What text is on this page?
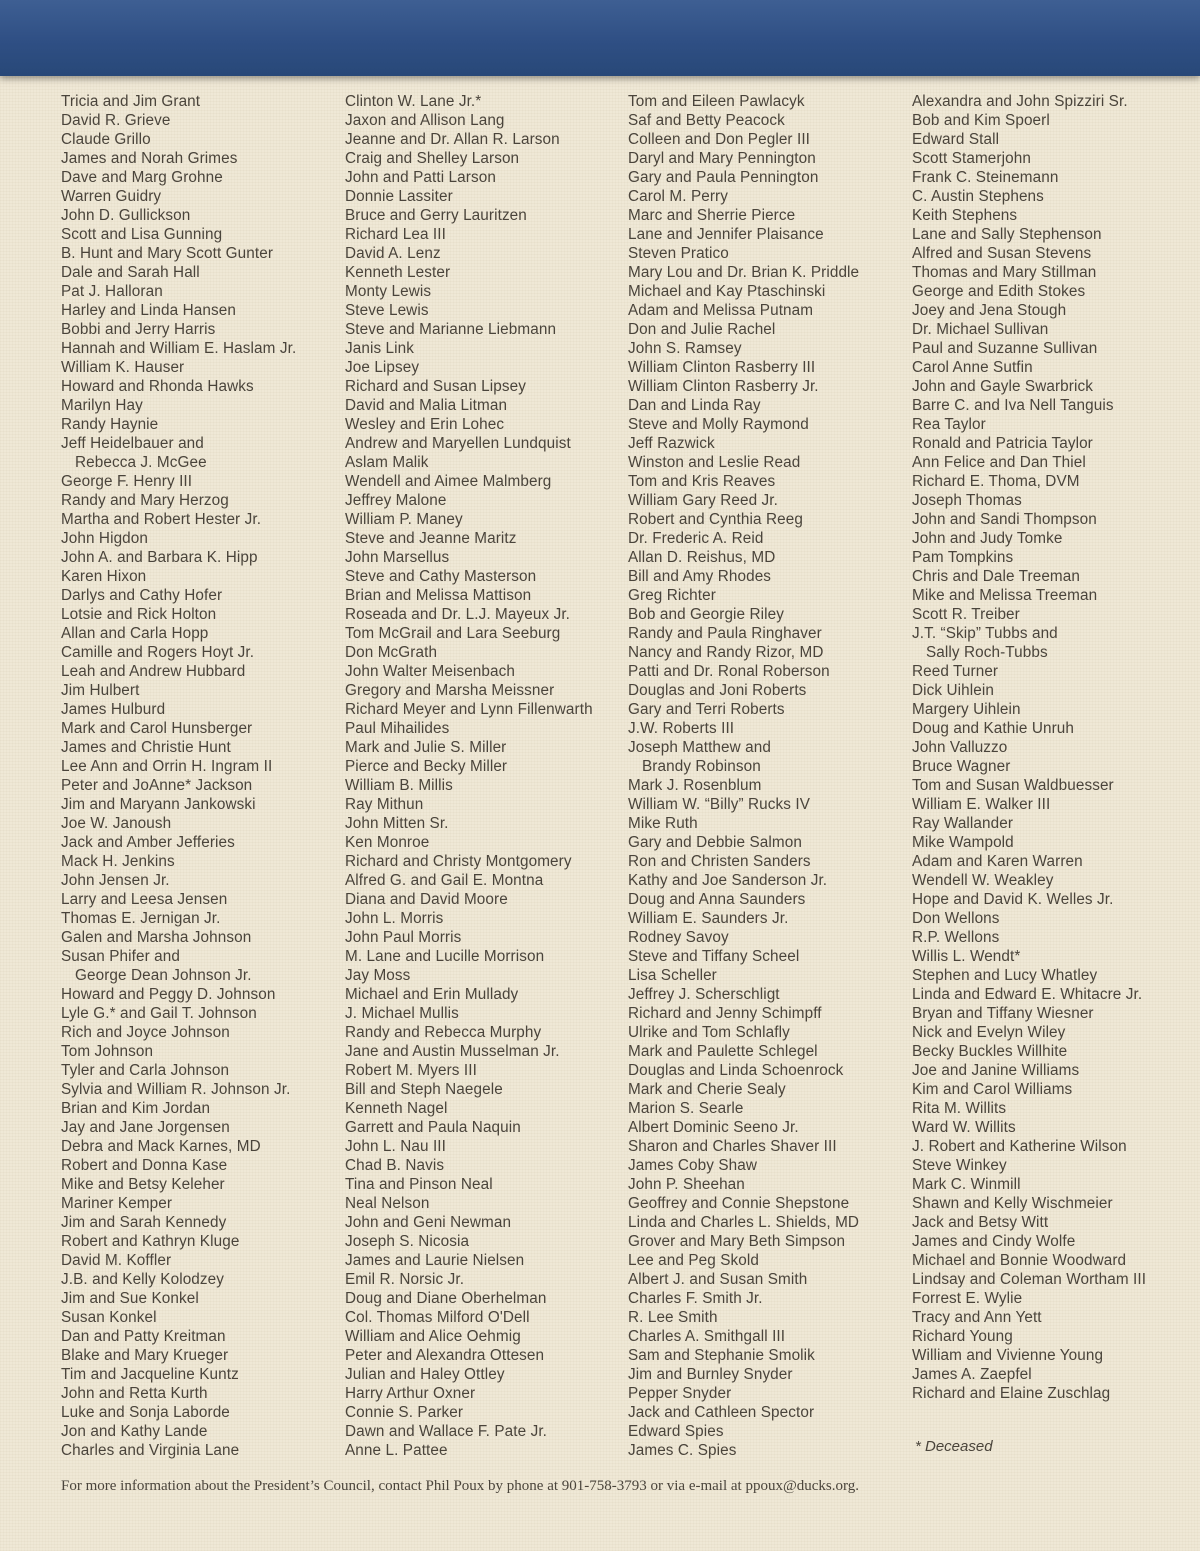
Tricia and Jim Grant
David R. Grieve
Claude Grillo
James and Norah Grimes
Dave and Marg Grohne
Warren Guidry
John D. Gullickson
Scott and Lisa Gunning
B. Hunt and Mary Scott Gunter
Dale and Sarah Hall
Pat J. Halloran
Harley and Linda Hansen
Bobbi and Jerry Harris
Hannah and William E. Haslam Jr.
William K. Hauser
Howard and Rhonda Hawks
Marilyn Hay
Randy Haynie
Jeff Heidelbauer and
Rebecca J. McGee
George F. Henry III
Randy and Mary Herzog
Martha and Robert Hester Jr.
John Higdon
John A. and Barbara K. Hipp
Karen Hixon
Darlys and Cathy Hofer
Lotsie and Rick Holton
Allan and Carla Hopp
Camille and Rogers Hoyt Jr.
Leah and Andrew Hubbard
Jim Hulbert
James Hulburd
Mark and Carol Hunsberger
James and Christie Hunt
Lee Ann and Orrin H. Ingram II
Peter and JoAnne* Jackson
Jim and Maryann Jankowski
Joe W. Janoush
Jack and Amber Jefferies
Mack H. Jenkins
John Jensen Jr.
Larry and Leesa Jensen
Thomas E. Jernigan Jr.
Galen and Marsha Johnson
Susan Phifer and
George Dean Johnson Jr.
Howard and Peggy D. Johnson
Lyle G.* and Gail T. Johnson
Rich and Joyce Johnson
Tom Johnson
Tyler and Carla Johnson
Sylvia and William R. Johnson Jr.
Brian and Kim Jordan
Jay and Jane Jorgensen
Debra and Mack Karnes, MD
Robert and Donna Kase
Mike and Betsy Keleher
Mariner Kemper
Jim and Sarah Kennedy
Robert and Kathryn Kluge
David M. Koffler
J.B. and Kelly Kolodzey
Jim and Sue Konkel
Susan Konkel
Dan and Patty Kreitman
Blake and Mary Krueger
Tim and Jacqueline Kuntz
John and Retta Kurth
Luke and Sonja Laborde
Jon and Kathy Lande
Charles and Virginia Lane
Clinton W. Lane Jr.*
Jaxon and Allison Lang
Jeanne and Dr. Allan R. Larson
Craig and Shelley Larson
John and Patti Larson
Donnie Lassiter
Bruce and Gerry Lauritzen
Richard Lea III
David A. Lenz
Kenneth Lester
Monty Lewis
Steve Lewis
Steve and Marianne Liebmann
Janis Link
Joe Lipsey
Richard and Susan Lipsey
David and Malia Litman
Wesley and Erin Lohec
Andrew and Maryellen Lundquist
Aslam Malik
Wendell and Aimee Malmberg
Jeffrey Malone
William P. Maney
Steve and Jeanne Maritz
John Marsellus
Steve and Cathy Masterson
Brian and Melissa Mattison
Roseada and Dr. L.J. Mayeux Jr.
Tom McGrail and Lara Seeburg
Don McGrath
John Walter Meisenbach
Gregory and Marsha Meissner
Richard Meyer and Lynn Fillenwarth
Paul Mihailides
Mark and Julie S. Miller
Pierce and Becky Miller
William B. Millis
Ray Mithun
John Mitten Sr.
Ken Monroe
Richard and Christy Montgomery
Alfred G. and Gail E. Montna
Diana and David Moore
John L. Morris
John Paul Morris
M. Lane and Lucille Morrison
Jay Moss
Michael and Erin Mullady
J. Michael Mullis
Randy and Rebecca Murphy
Jane and Austin Musselman Jr.
Robert M. Myers III
Bill and Steph Naegele
Kenneth Nagel
Garrett and Paula Naquin
John L. Nau III
Chad B. Navis
Tina and Pinson Neal
Neal Nelson
John and Geni Newman
Joseph S. Nicosia
James and Laurie Nielsen
Emil R. Norsic Jr.
Doug and Diane Oberhelman
Col. Thomas Milford O'Dell
William and Alice Oehmig
Peter and Alexandra Ottesen
Julian and Haley Ottley
Harry Arthur Oxner
Connie S. Parker
Dawn and Wallace F. Pate Jr.
Anne L. Pattee
Tom and Eileen Pawlacyk
Saf and Betty Peacock
Colleen and Don Pegler III
Daryl and Mary Pennington
Gary and Paula Pennington
Carol M. Perry
Marc and Sherrie Pierce
Lane and Jennifer Plaisance
Steven Pratico
Mary Lou and Dr. Brian K. Priddle
Michael and Kay Ptaschinski
Adam and Melissa Putnam
Don and Julie Rachel
John S. Ramsey
William Clinton Rasberry III
William Clinton Rasberry Jr.
Dan and Linda Ray
Steve and Molly Raymond
Jeff Razwick
Winston and Leslie Read
Tom and Kris Reaves
William Gary Reed Jr.
Robert and Cynthia Reeg
Dr. Frederic A. Reid
Allan D. Reishus, MD
Bill and Amy Rhodes
Greg Richter
Bob and Georgie Riley
Randy and Paula Ringhaver
Nancy and Randy Rizor, MD
Patti and Dr. Ronal Roberson
Douglas and Joni Roberts
Gary and Terri Roberts
J.W. Roberts III
Joseph Matthew and
Brandy Robinson
Mark J. Rosenblum
William W. “Billy” Rucks IV
Mike Ruth
Gary and Debbie Salmon
Ron and Christen Sanders
Kathy and Joe Sanderson Jr.
Doug and Anna Saunders
William E. Saunders Jr.
Rodney Savoy
Steve and Tiffany Scheel
Lisa Scheller
Jeffrey J. Scherschligt
Richard and Jenny Schimpff
Ulrike and Tom Schlafly
Mark and Paulette Schlegel
Douglas and Linda Schoenrock
Mark and Cherie Sealy
Marion S. Searle
Albert Dominic Seeno Jr.
Sharon and Charles Shaver III
James Coby Shaw
John P. Sheehan
Geoffrey and Connie Shepstone
Linda and Charles L. Shields, MD
Grover and Mary Beth Simpson
Lee and Peg Skold
Albert J. and Susan Smith
Charles F. Smith Jr.
R. Lee Smith
Charles A. Smithgall III
Sam and Stephanie Smolik
Jim and Burnley Snyder
Pepper Snyder
Jack and Cathleen Spector
Edward Spies
James C. Spies
Alexandra and John Spizziri Sr.
Bob and Kim Spoerl
Edward Stall
Scott Stamerjohn
Frank C. Steinemann
C. Austin Stephens
Keith Stephens
Lane and Sally Stephenson
Alfred and Susan Stevens
Thomas and Mary Stillman
George and Edith Stokes
Joey and Jena Stough
Dr. Michael Sullivan
Paul and Suzanne Sullivan
Carol Anne Sutfin
John and Gayle Swarbrick
Barre C. and Iva Nell Tanguis
Rea Taylor
Ronald and Patricia Taylor
Ann Felice and Dan Thiel
Richard E. Thoma, DVM
Joseph Thomas
John and Sandi Thompson
John and Judy Tomke
Pam Tompkins
Chris and Dale Treeman
Mike and Melissa Treeman
Scott R. Treiber
J.T. “Skip” Tubbs and
Sally Roch-Tubbs
Reed Turner
Dick Uihlein
Margery Uihlein
Doug and Kathie Unruh
John Valluzzo
Bruce Wagner
Tom and Susan Waldbuesser
William E. Walker III
Ray Wallander
Mike Wampold
Adam and Karen Warren
Wendell W. Weakley
Hope and David K. Welles Jr.
Don Wellons
R.P. Wellons
Willis L. Wendt*
Stephen and Lucy Whatley
Linda and Edward E. Whitacre Jr.
Bryan and Tiffany Wiesner
Nick and Evelyn Wiley
Becky Buckles Willhite
Joe and Janine Williams
Kim and Carol Williams
Rita M. Willits
Ward W. Willits
J. Robert and Katherine Wilson
Steve Winkey
Mark C. Winmill
Shawn and Kelly Wischmeier
Jack and Betsy Witt
James and Cindy Wolfe
Michael and Bonnie Woodward
Lindsay and Coleman Wortham III
Forrest E. Wylie
Tracy and Ann Yett
Richard Young
William and Vivienne Young
James A. Zaepfel
Richard and Elaine Zuschlag
* Deceased
For more information about the President’s Council, contact Phil Poux by phone at 901-758-3793 or via e-mail at ppoux@ducks.org.
